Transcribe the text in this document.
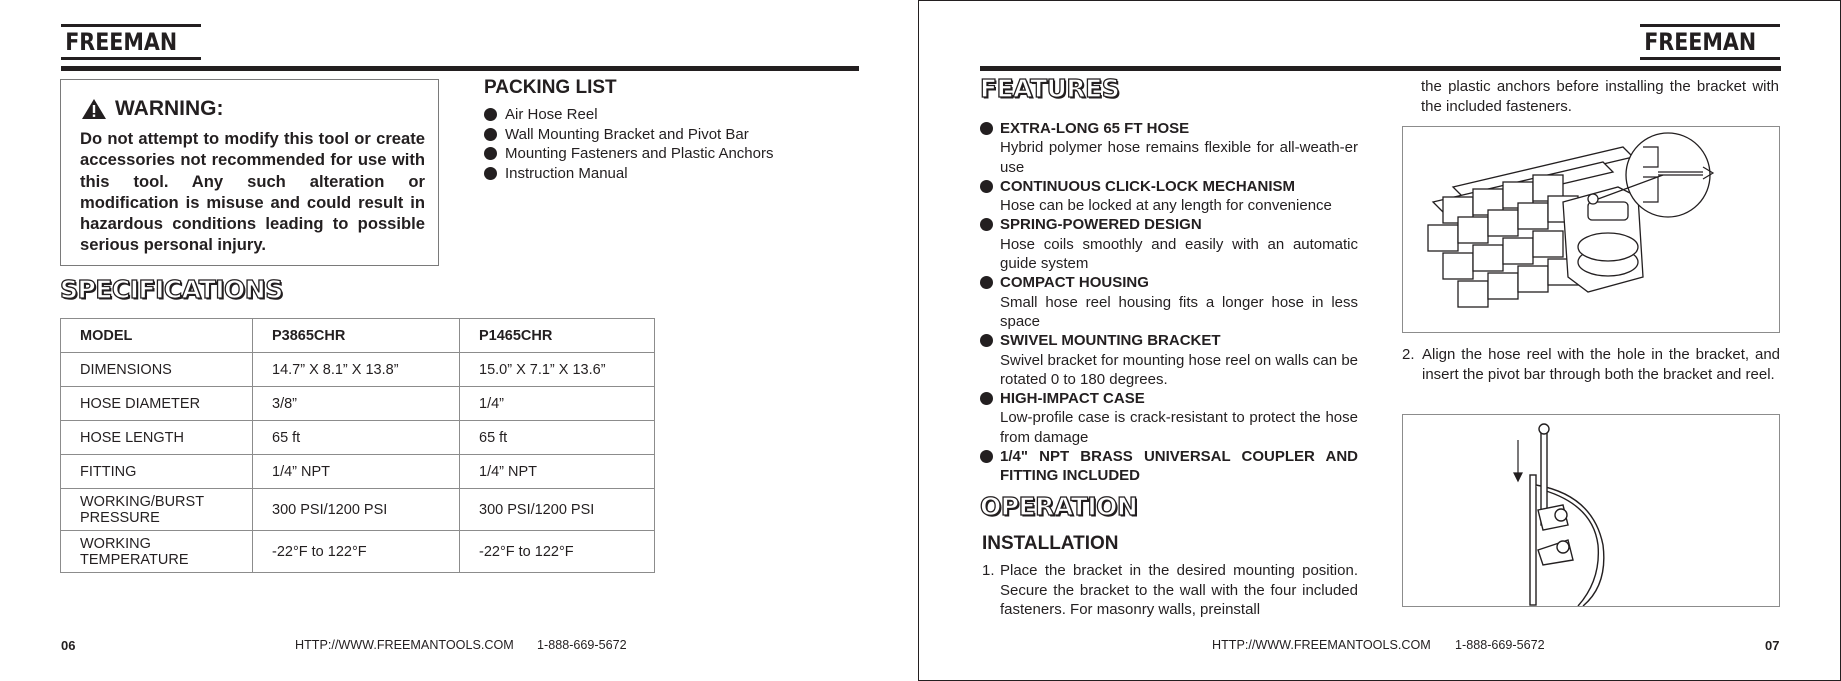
FREEMAN
WARNING:
Do not attempt to modify this tool or create accessories not recommended for use with this tool. Any such alteration or modification is misuse and could result in hazardous conditions leading to possible serious personal injury.
PACKING LIST
Air Hose Reel
Wall Mounting Bracket and Pivot Bar
Mounting Fasteners and Plastic Anchors
Instruction Manual
SPECIFICATIONS
MODEL	P3865CHR	P1465CHR
DIMENSIONS	14.7” X 8.1” X 13.8”	15.0” X 7.1” X 13.6”
HOSE DIAMETER	3/8”	1/4”
HOSE LENGTH	65 ft	65 ft
FITTING	1/4” NPT	1/4” NPT
WORKING/BURST
PRESSURE	300 PSI/1200 PSI	300 PSI/1200 PSI
WORKING
TEMPERATURE	-22°F to 122°F	-22°F to 122°F
06	HTTP://WWW.FREEMANTOOLS.COM 1-888-669-5672
FREEMAN
FEATURES
EXTRA-LONG 65 FT HOSE
Hybrid polymer hose remains flexible for all-weath-er use
CONTINUOUS CLICK-LOCK MECHANISM
Hose can be locked at any length for convenience
SPRING-POWERED DESIGN
Hose coils smoothly and easily with an automatic guide system
COMPACT HOUSING
Small hose reel housing fits a longer hose in less space
SWIVEL MOUNTING BRACKET
Swivel bracket for mounting hose reel on walls can be rotated 0 to 180 degrees.
HIGH-IMPACT CASE
Low-profile case is crack-resistant to protect the hose from damage
1/4" NPT BRASS UNIVERSAL COUPLER AND FITTING INCLUDED
OPERATION
INSTALLATION
1. Place the bracket in the desired mounting position. Secure the bracket to the wall with the four included fasteners. For masonry walls, preinstall
the plastic anchors before installing the bracket with the included fasteners.
2. Align the hose reel with the hole in the bracket, and insert the pivot bar through both the bracket and reel.
HTTP://WWW.FREEMANTOOLS.COM 1-888-669-5672	07
